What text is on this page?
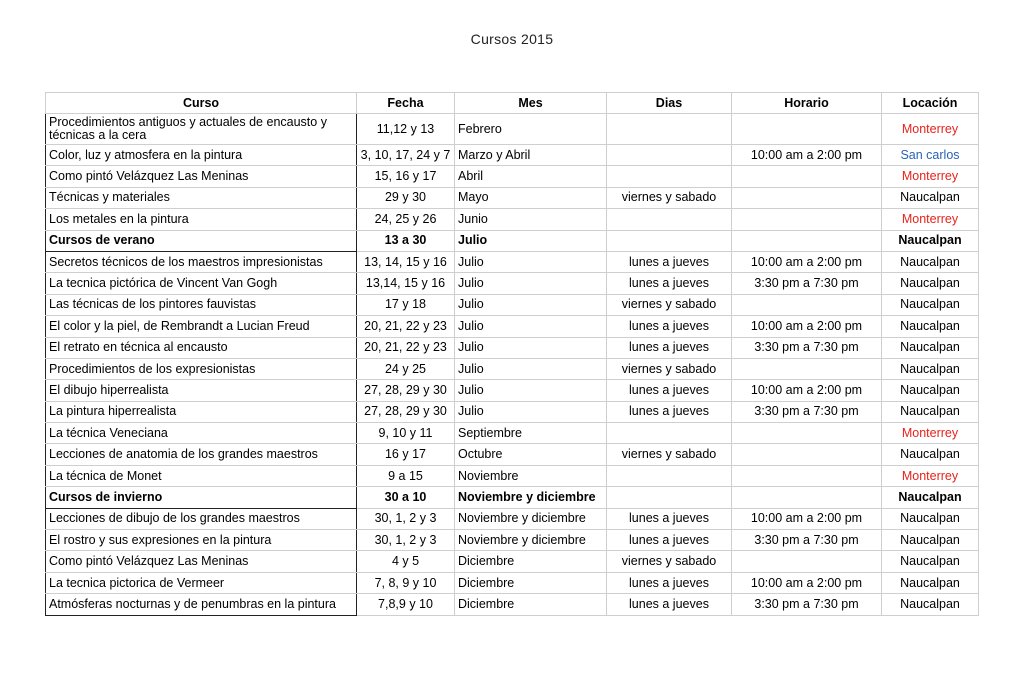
Cursos 2015
Curso	Fecha	Mes	Dias	Horario	Locación
Procedimientos antiguos y actuales de encausto y técnicas a la cera	11,12 y 13	Febrero			Monterrey
Color, luz y atmosfera en la pintura	3, 10, 17, 24 y 7	Marzo y Abril		10:00 am a 2:00 pm	San carlos
Como pintó Velázquez Las Meninas	15, 16 y 17	Abril			Monterrey
Técnicas y materiales	29 y 30	Mayo	viernes y sabado		Naucalpan
Los metales en la pintura	24, 25 y 26	Junio			Monterrey
Cursos de verano	13 a 30	Julio			Naucalpan
Secretos técnicos de los maestros impresionistas	13, 14, 15 y 16	Julio	lunes a jueves	10:00 am a 2:00 pm	Naucalpan
La tecnica pictórica de Vincent Van Gogh	13,14, 15 y 16	Julio	lunes a jueves	3:30 pm a 7:30 pm	Naucalpan
Las técnicas de los pintores fauvistas	17 y 18	Julio	viernes y sabado		Naucalpan
El color y la piel, de Rembrandt a Lucian Freud	20, 21, 22 y 23	Julio	lunes a jueves	10:00 am a 2:00 pm	Naucalpan
El retrato en técnica al encausto	20, 21, 22 y 23	Julio	lunes a jueves	3:30 pm a 7:30 pm	Naucalpan
Procedimientos de los expresionistas	24 y 25	Julio	viernes y sabado		Naucalpan
El dibujo hiperrealista	27, 28, 29 y 30	Julio	lunes a jueves	10:00 am a 2:00 pm	Naucalpan
La pintura hiperrealista	27, 28, 29 y 30	Julio	lunes a jueves	3:30 pm a 7:30 pm	Naucalpan
La técnica Veneciana	9, 10 y 11	Septiembre			Monterrey
Lecciones de anatomia de los grandes maestros	16 y 17	Octubre	viernes y sabado		Naucalpan
La técnica de Monet	9 a 15	Noviembre			Monterrey
Cursos de invierno	30 a 10	Noviembre y diciembre			Naucalpan
Lecciones de dibujo de los grandes maestros	30, 1, 2 y 3	Noviembre y diciembre	lunes a jueves	10:00 am a 2:00 pm	Naucalpan
El rostro y sus expresiones en la pintura	30, 1, 2 y 3	Noviembre y diciembre	lunes a jueves	3:30 pm a 7:30 pm	Naucalpan
Como pintó Velázquez Las Meninas	4 y 5	Diciembre	viernes y sabado		Naucalpan
La tecnica pictorica de Vermeer	7, 8, 9 y 10	Diciembre	lunes a jueves	10:00 am a 2:00 pm	Naucalpan
Atmósferas nocturnas y de penumbras en la pintura	7,8,9 y 10	Diciembre	lunes a jueves	3:30 pm a 7:30 pm	Naucalpan
